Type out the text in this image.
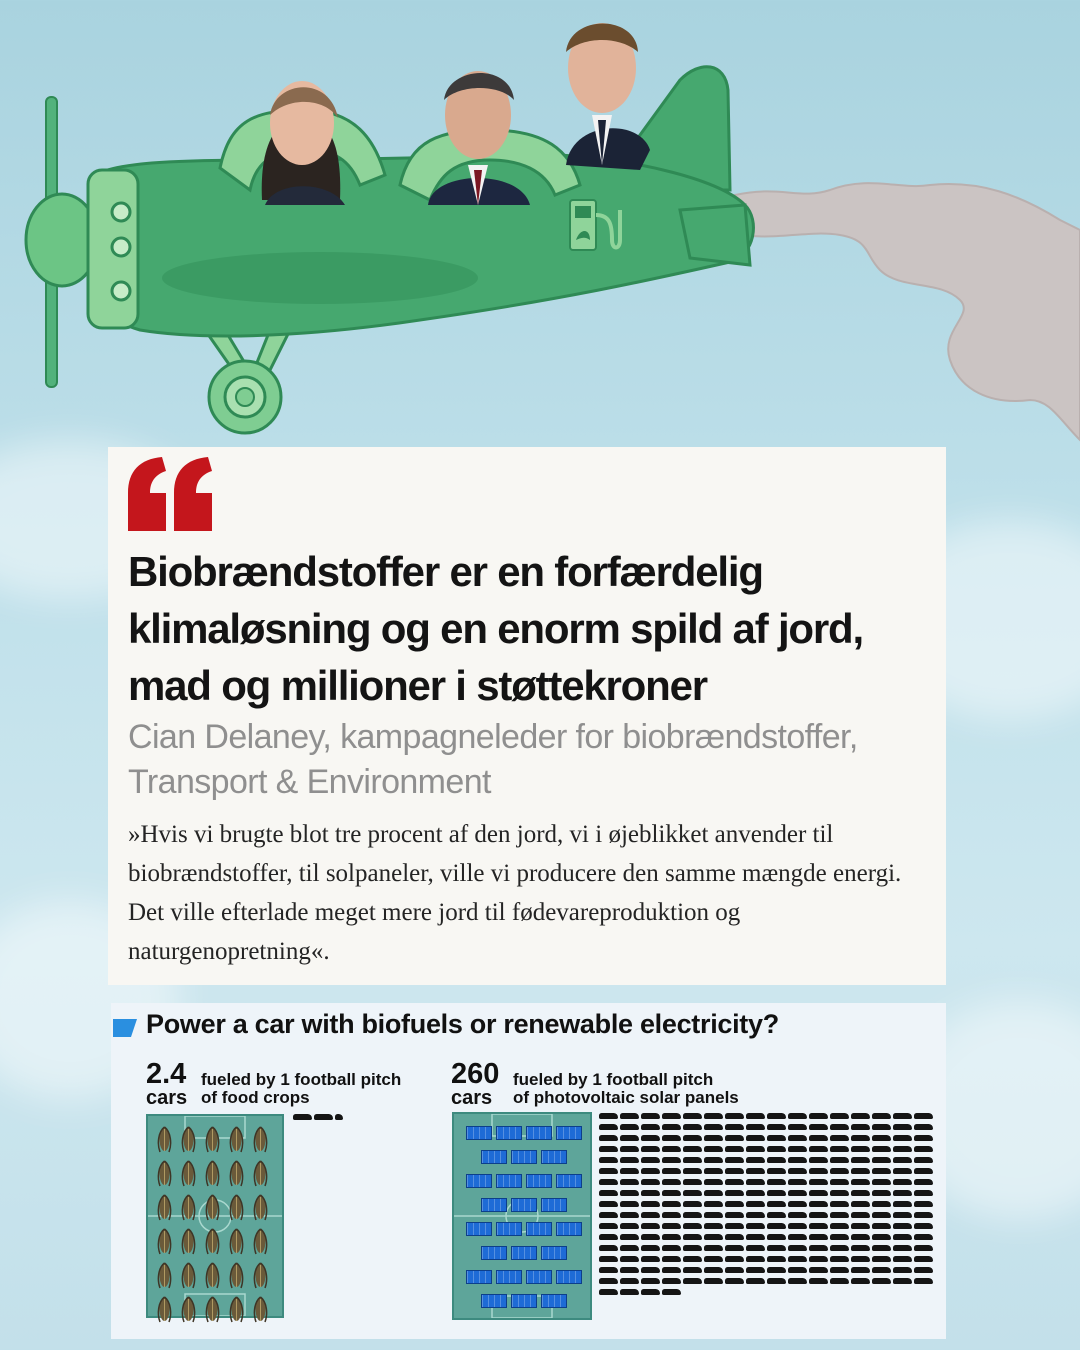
Biobrændstoffer er en forfærdelig klimaløsning og en enorm spild af jord, mad og millioner i støttekroner

Cian Delaney, kampagneleder for biobrændstoffer, Transport & Environment

»Hvis vi brugte blot tre procent af den jord, vi i øjeblikket anvender til biobrændstoffer, til solpaneler, ville vi producere den samme mængde energi. Det ville efterlade meget mere jord til fødevareproduktion og naturgenopretning«.

Power a car with biofuels or renewable electricity?
2.4
cars
fueled by 1 football pitch
of food crops
260
cars
fueled by 1 football pitch
of photovoltaic solar panels
